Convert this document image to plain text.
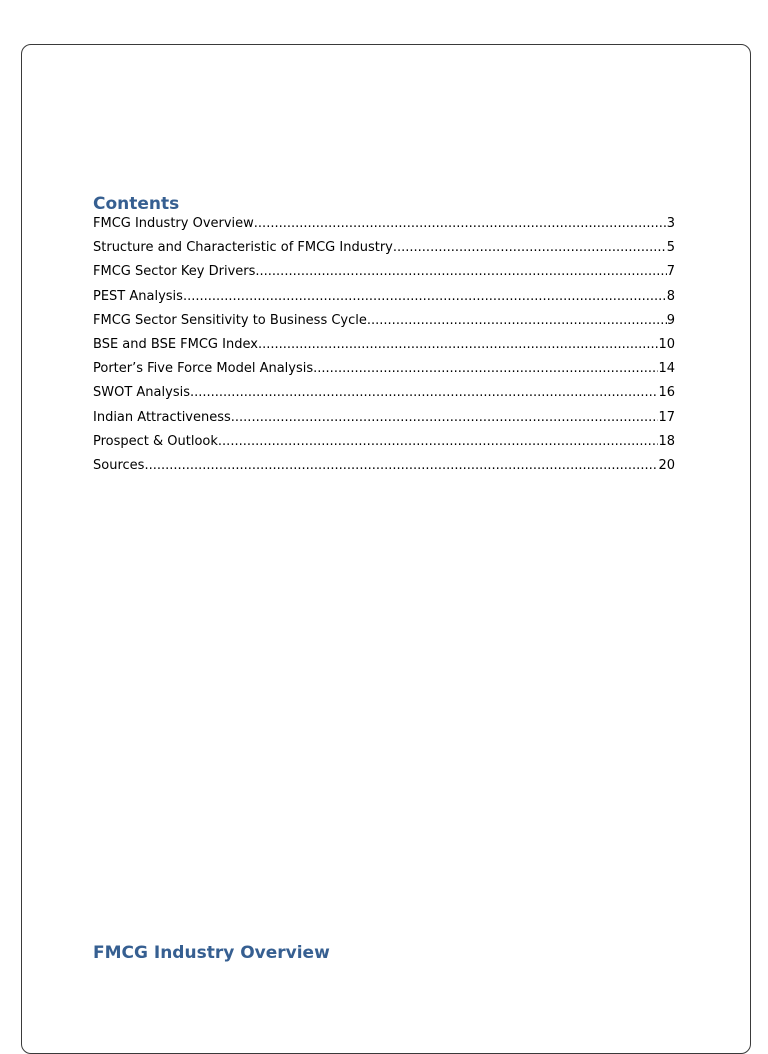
Contents
FMCG Industry Overview .....	3
Structure and Characteristic of FMCG Industry .....	5
FMCG Sector Key Drivers .....	7
PEST Analysis .....	8
FMCG Sector Sensitivity to Business Cycle .....	9
BSE and BSE FMCG Index .....	10
Porter’s Five Force Model Analysis .....	14
SWOT Analysis .....	16
Indian Attractiveness .....	17
Prospect & Outlook .....	18
Sources .....	20
FMCG Industry Overview
